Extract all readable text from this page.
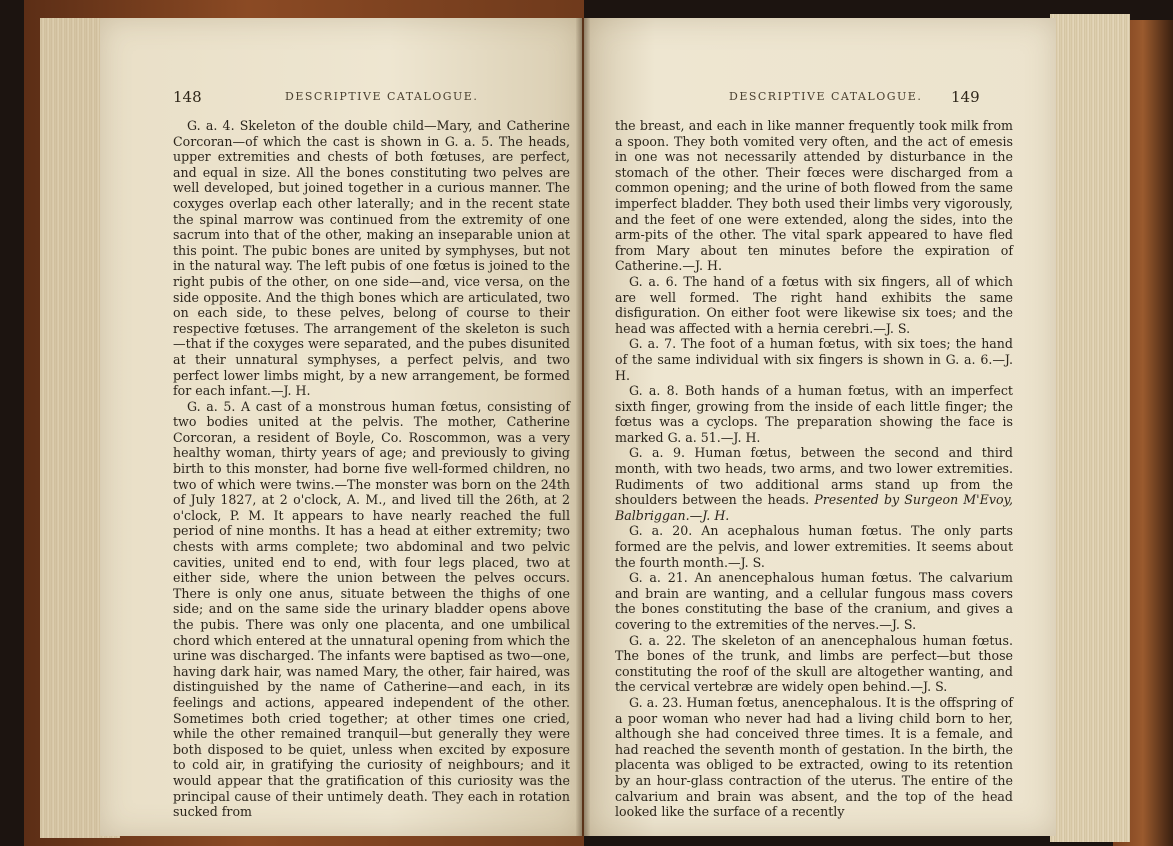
148	DESCRIPTIVE CATALOGUE.

G. a. 4. Skeleton of the double child—Mary, and Catherine Corcoran—of which the cast is shown in G. a. 5. The heads, upper extremities and chests of both fœtuses, are perfect, and equal in size. All the bones constituting two pelves are well developed, but joined together in a curious manner. The coxyges overlap each other laterally; and in the recent state the spinal marrow was continued from the extremity of one sacrum into that of the other, making an inseparable union at this point. The pubic bones are united by symphyses, but not in the natural way. The left pubis of one fœtus is joined to the right pubis of the other, on one side—and, vice versa, on the side opposite. And the thigh bones which are articulated, two on each side, to these pelves, belong of course to their respective fœtuses. The arrangement of the skeleton is such—that if the coxyges were separated, and the pubes disunited at their unnatural symphyses, a perfect pelvis, and two perfect lower limbs might, by a new arrangement, be formed for each infant.—J. H.

G. a. 5. A cast of a monstrous human fœtus, consisting of two bodies united at the pelvis. The mother, Catherine Corcoran, a resident of Boyle, Co. Roscommon, was a very healthy woman, thirty years of age; and previously to giving birth to this monster, had borne five well-formed children, no two of which were twins.—The monster was born on the 24th of July 1827, at 2 o'clock, A. M., and lived till the 26th, at 2 o'clock, P. M. It appears to have nearly reached the full period of nine months. It has a head at either extremity; two chests with arms complete; two abdominal and two pelvic cavities, united end to end, with four legs placed, two at either side, where the union between the pelves occurs. There is only one anus, situate between the thighs of one side; and on the same side the urinary bladder opens above the pubis. There was only one placenta, and one umbilical chord which entered at the unnatural opening from which the urine was discharged. The infants were baptised as two—one, having dark hair, was named Mary, the other, fair haired, was distinguished by the name of Catherine—and each, in its feelings and actions, appeared independent of the other. Sometimes both cried together; at other times one cried, while the other remained tranquil—but generally they were both disposed to be quiet, unless when excited by exposure to cold air, in gratifying the curiosity of neighbours; and it would appear that the gratification of this curiosity was the principal cause of their untimely death. They each in rotation sucked from

DESCRIPTIVE CATALOGUE. 149

the breast, and each in like manner frequently took milk from a spoon. They both vomited very often, and the act of emesis in one was not necessarily attended by disturbance in the stomach of the other. Their fœces were discharged from a common opening; and the urine of both flowed from the same imperfect bladder. They both used their limbs very vigorously, and the feet of one were extended, along the sides, into the arm-pits of the other. The vital spark appeared to have fled from Mary about ten minutes before the expiration of Catherine.—J. H.

G. a. 6. The hand of a fœtus with six fingers, all of which are well formed. The right hand exhibits the same disfiguration. On either foot were likewise six toes; and the head was affected with a hernia cerebri.—J. S.

G. a. 7. The foot of a human fœtus, with six toes; the hand of the same individual with six fingers is shown in G. a. 6.—J. H.

G. a. 8. Both hands of a human fœtus, with an imperfect sixth finger, growing from the inside of each little finger; the fœtus was a cyclops. The preparation showing the face is marked G. a. 51.—J. H.

G. a. 9. Human fœtus, between the second and third month, with two heads, two arms, and two lower extremities. Rudiments of two additional arms stand up from the shoulders between the heads. Presented by Surgeon M'Evoy, Balbriggan.—J. H.

G. a. 20. An acephalous human fœtus. The only parts formed are the pelvis, and lower extremities. It seems about the fourth month.—J. S.

G. a. 21. An anencephalous human fœtus. The calvarium and brain are wanting, and a cellular fungous mass covers the bones constituting the base of the cranium, and gives a covering to the extremities of the nerves.—J. S.

G. a. 22. The skeleton of an anencephalous human fœtus. The bones of the trunk, and limbs are perfect—but those constituting the roof of the skull are altogether wanting, and the cervical vertebræ are widely open behind.—J. S.

G. a. 23. Human fœtus, anencephalous. It is the offspring of a poor woman who never had had a living child born to her, although she had conceived three times. It is a female, and had reached the seventh month of gestation. In the birth, the placenta was obliged to be extracted, owing to its retention by an hour-glass contraction of the uterus. The entire of the calvarium and brain was absent, and the top of the head looked like the surface of a recently
